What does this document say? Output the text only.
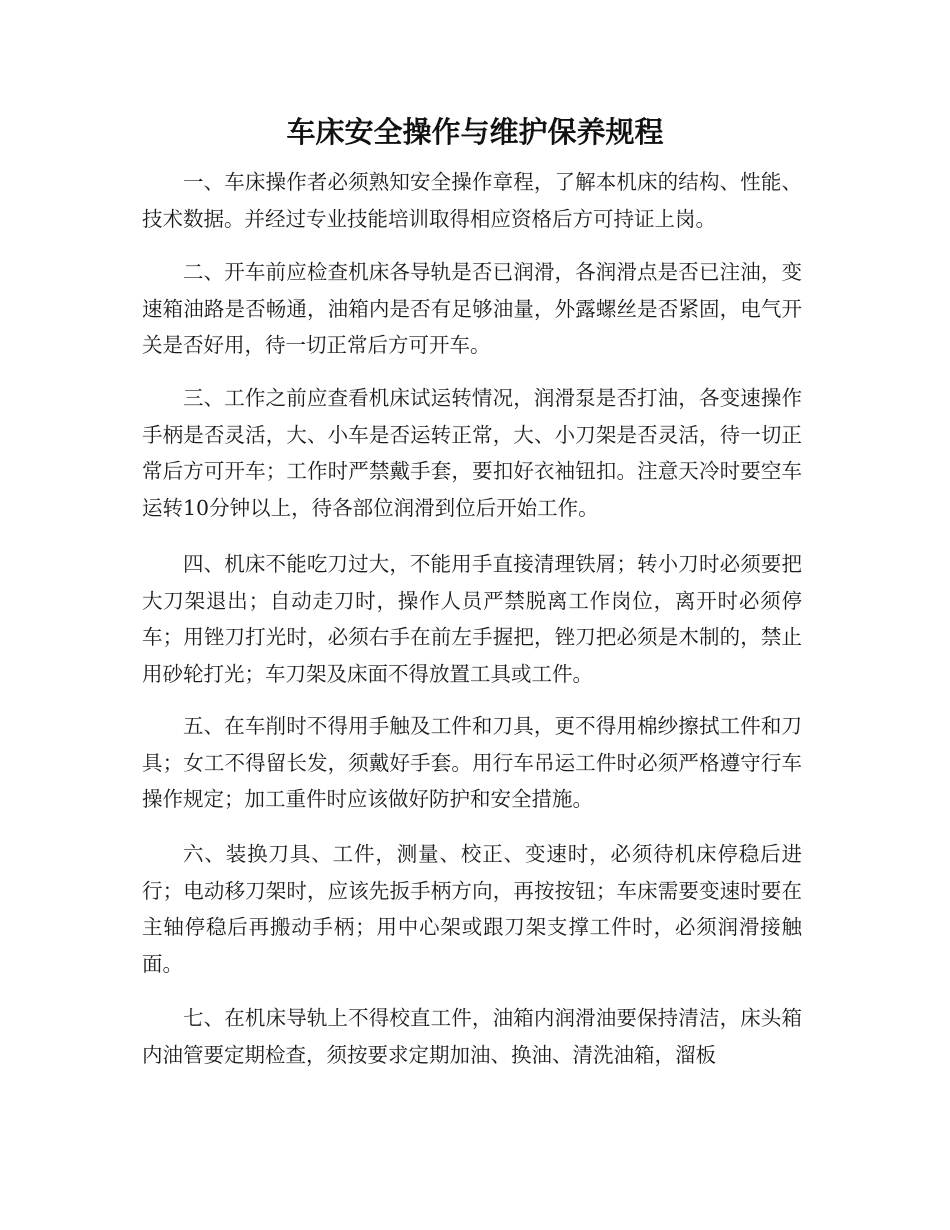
车床安全操作与维护保养规程

一、车床操作者必须熟知安全操作章程，了解本机床的结构、性能、技术数据。并经过专业技能培训取得相应资格后方可持证上岗。

二、开车前应检查机床各导轨是否已润滑，各润滑点是否已注油，变速箱油路是否畅通，油箱内是否有足够油量，外露螺丝是否紧固，电气开关是否好用，待一切正常后方可开车。

三、工作之前应查看机床试运转情况，润滑泵是否打油，各变速操作手柄是否灵活，大、小车是否运转正常，大、小刀架是否灵活，待一切正常后方可开车；工作时严禁戴手套，要扣好衣袖钮扣。注意天冷时要空车运转10分钟以上，待各部位润滑到位后开始工作。

四、机床不能吃刀过大，不能用手直接清理铁屑；转小刀时必须要把大刀架退出；自动走刀时，操作人员严禁脱离工作岗位，离开时必须停车；用锉刀打光时，必须右手在前左手握把，锉刀把必须是木制的，禁止用砂轮打光；车刀架及床面不得放置工具或工件。

五、在车削时不得用手触及工件和刀具，更不得用棉纱擦拭工件和刀具；女工不得留长发，须戴好手套。用行车吊运工件时必须严格遵守行车操作规定；加工重件时应该做好防护和安全措施。

六、装换刀具、工件，测量、校正、变速时，必须待机床停稳后进行；电动移刀架时，应该先扳手柄方向，再按按钮；车床需要变速时要在主轴停稳后再搬动手柄；用中心架或跟刀架支撑工件时，必须润滑接触面。

七、在机床导轨上不得校直工件，油箱内润滑油要保持清洁，床头箱内油管要定期检查，须按要求定期加油、换油、清洗油箱，溜板
